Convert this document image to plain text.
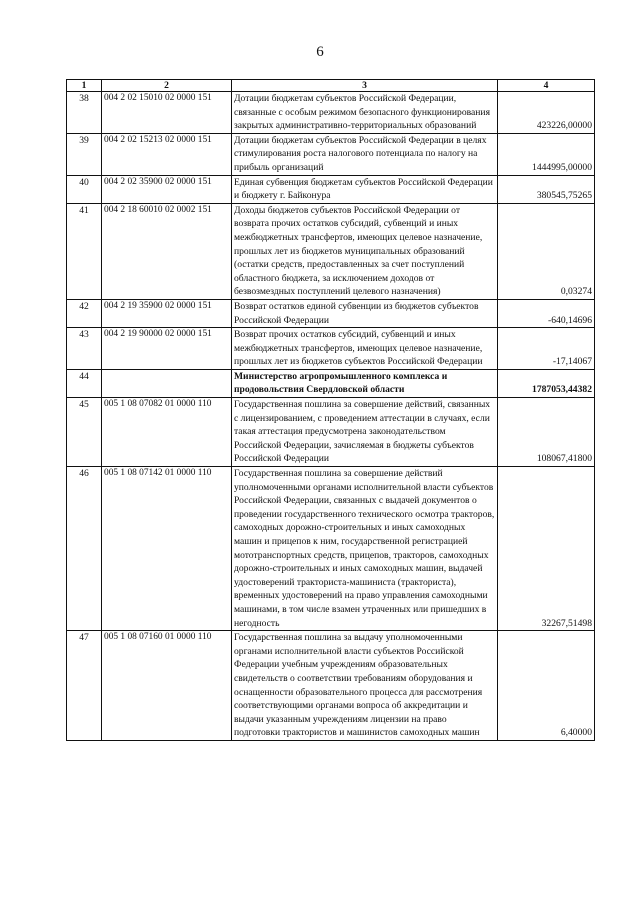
6
1	2	3	4
38	004 2 02 15010 02 0000 151	Дотации бюджетам субъектов Российской Федерации, связанные с особым режимом безопасного функционирования закрытых административно-территориальных образований	423226,00000
39	004 2 02 15213 02 0000 151	Дотации бюджетам субъектов Российской Федерации в целях стимулирования роста налогового потенциала по налогу на прибыль организаций	1444995,00000
40	004 2 02 35900 02 0000 151	Единая субвенция бюджетам субъектов Российской Федерации и бюджету г. Байконура	380545,75265
41	004 2 18 60010 02 0002 151	Доходы бюджетов субъектов Российской Федерации от возврата прочих остатков субсидий, субвенций и иных межбюджетных трансфертов, имеющих целевое назначение, прошлых лет из бюджетов муниципальных образований (остатки средств, предоставленных за счет поступлений областного бюджета, за исключением доходов от безвозмездных поступлений целевого назначения)	0,03274
42	004 2 19 35900 02 0000 151	Возврат остатков единой субвенции из бюджетов субъектов Российской Федерации	-640,14696
43	004 2 19 90000 02 0000 151	Возврат прочих остатков субсидий, субвенций и иных межбюджетных трансфертов, имеющих целевое назначение, прошлых лет из бюджетов субъектов Российской Федерации	-17,14067
44		Министерство агропромышленного комплекса и продовольствия Свердловской области	1787053,44382
45	005 1 08 07082 01 0000 110	Государственная пошлина за совершение действий, связанных с лицензированием, с проведением аттестации в случаях, если такая аттестация предусмотрена законодательством Российской Федерации, зачисляемая в бюджеты субъектов Российской Федерации	108067,41800
46	005 1 08 07142 01 0000 110	Государственная пошлина за совершение действий уполномоченными органами исполнительной власти субъектов Российской Федерации, связанных с выдачей документов о проведении государственного технического осмотра тракторов, самоходных дорожно-строительных и иных самоходных машин и прицепов к ним, государственной регистрацией мототранспортных средств, прицепов, тракторов, самоходных дорожно-строительных и иных самоходных машин, выдачей удостоверений тракториста-машиниста (тракториста), временных удостоверений на право управления самоходными машинами, в том числе взамен утраченных или пришедших в негодность	32267,51498
47	005 1 08 07160 01 0000 110	Государственная пошлина за выдачу уполномоченными органами исполнительной власти субъектов Российской Федерации учебным учреждениям образовательных свидетельств о соответствии требованиям оборудования и оснащенности образовательного процесса для рассмотрения соответствующими органами вопроса об аккредитации и выдачи указанным учреждениям лицензии на право подготовки трактористов и машинистов самоходных машин	6,40000
